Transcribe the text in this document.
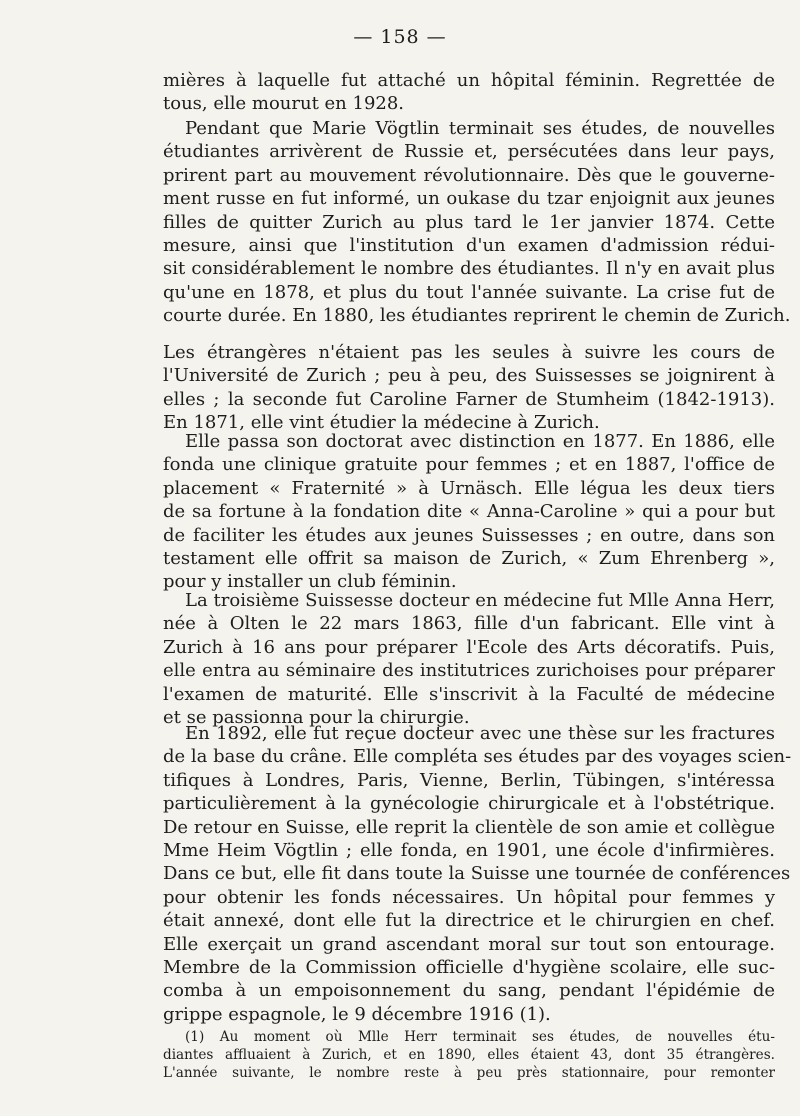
— 158 —
mières à laquelle fut attaché un hôpital féminin. Regrettée de
tous, elle mourut en 1928.
Pendant que Marie Vögtlin terminait ses études, de nouvelles
étudiantes arrivèrent de Russie et, persécutées dans leur pays,
prirent part au mouvement révolutionnaire. Dès que le gouverne-
ment russe en fut informé, un oukase du tzar enjoignit aux jeunes
filles de quitter Zurich au plus tard le 1er janvier 1874. Cette
mesure, ainsi que l'institution d'un examen d'admission rédui-
sit considérablement le nombre des étudiantes. Il n'y en avait plus
qu'une en 1878, et plus du tout l'année suivante. La crise fut de
courte durée. En 1880, les étudiantes reprirent le chemin de Zurich.
Les étrangères n'étaient pas les seules à suivre les cours de
l'Université de Zurich ; peu à peu, des Suissesses se joignirent à
elles ; la seconde fut Caroline Farner de Stumheim (1842-1913).
En 1871, elle vint étudier la médecine à Zurich.
Elle passa son doctorat avec distinction en 1877. En 1886, elle
fonda une clinique gratuite pour femmes ; et en 1887, l'office de
placement « Fraternité » à Urnäsch. Elle légua les deux tiers
de sa fortune à la fondation dite « Anna-Caroline » qui a pour but
de faciliter les études aux jeunes Suissesses ; en outre, dans son
testament elle offrit sa maison de Zurich, « Zum Ehrenberg »,
pour y installer un club féminin.
La troisième Suissesse docteur en médecine fut Mlle Anna Herr,
née à Olten le 22 mars 1863, fille d'un fabricant. Elle vint à
Zurich à 16 ans pour préparer l'Ecole des Arts décoratifs. Puis,
elle entra au séminaire des institutrices zurichoises pour préparer
l'examen de maturité. Elle s'inscrivit à la Faculté de médecine
et se passionna pour la chirurgie.
En 1892, elle fut reçue docteur avec une thèse sur les fractures
de la base du crâne. Elle compléta ses études par des voyages scien-
tifiques à Londres, Paris, Vienne, Berlin, Tübingen, s'intéressa
particulièrement à la gynécologie chirurgicale et à l'obstétrique.
De retour en Suisse, elle reprit la clientèle de son amie et collègue
Mme Heim Vögtlin ; elle fonda, en 1901, une école d'infirmières.
Dans ce but, elle fit dans toute la Suisse une tournée de conférences
pour obtenir les fonds nécessaires. Un hôpital pour femmes y
était annexé, dont elle fut la directrice et le chirurgien en chef.
Elle exerçait un grand ascendant moral sur tout son entourage.
Membre de la Commission officielle d'hygiène scolaire, elle suc-
comba à un empoisonnement du sang, pendant l'épidémie de
grippe espagnole, le 9 décembre 1916 (1).
(1) Au moment où Mlle Herr terminait ses études, de nouvelles étu-
diantes affluaient à Zurich, et en 1890, elles étaient 43, dont 35 étrangères.
L'année suivante, le nombre reste à peu près stationnaire, pour remonter
